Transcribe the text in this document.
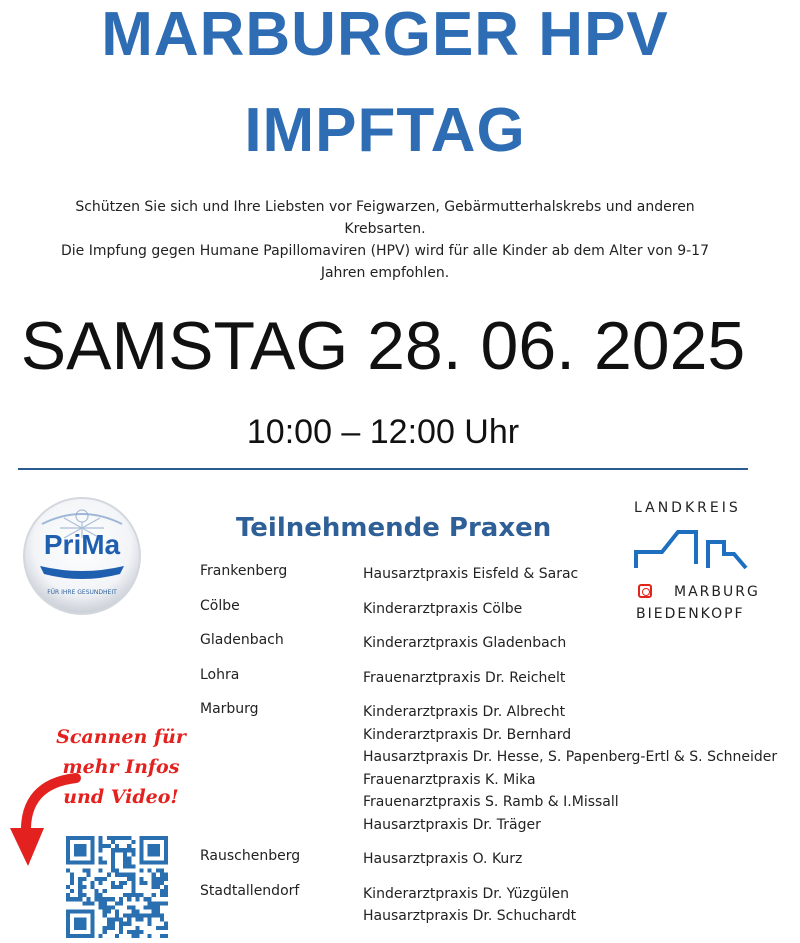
MARBURGER HPV
IMPFTAG
Schützen Sie sich und Ihre Liebsten vor Feigwarzen, Gebärmutterhalskrebs und anderen
Krebsarten.
Die Impfung gegen Humane Papillomaviren (HPV) wird für alle Kinder ab dem Alter von 9-17
Jahren empfohlen.
SAMSTAG 28. 06. 2025
10:00 – 12:00 Uhr
PriMa
FÜR IHRE GESUNDHEIT
Teilnehmende Praxen
LANDKREIS
MARBURG
BIEDENKOPF
Frankenberg	Hausarztpraxis Eisfeld & Sarac
Cölbe	Kinderarztpraxis Cölbe
Gladenbach	Kinderarztpraxis Gladenbach
Lohra	Frauenarztpraxis Dr. Reichelt
Marburg	Kinderarztpraxis Dr. Albrecht
Kinderarztpraxis Dr. Bernhard
Hausarztpraxis Dr. Hesse, S. Papenberg-Ertl & S. Schneider
Frauenarztpraxis K. Mika
Frauenarztpraxis S. Ramb & I.Missall
Hausarztpraxis Dr. Träger
Rauschenberg	Hausarztpraxis O. Kurz
Stadtallendorf	Kinderarztpraxis Dr. Yüzgülen
Hausarztpraxis Dr. Schuchardt
Scannen für
mehr Infos
und Video!
